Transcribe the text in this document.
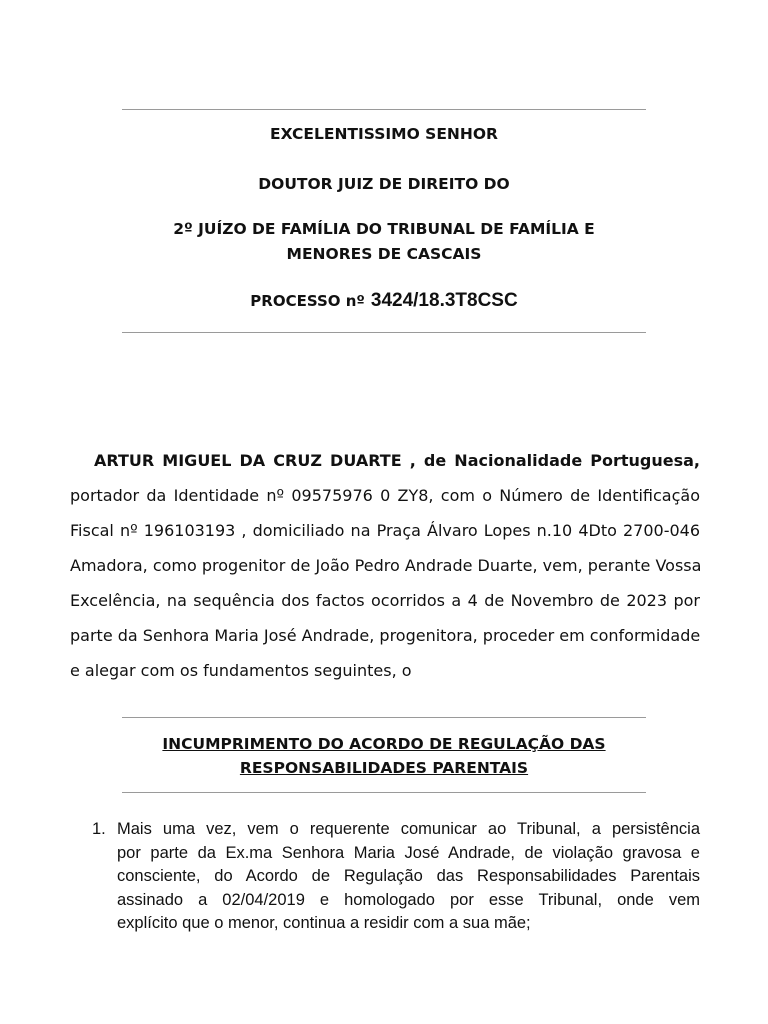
EXCELENTISSIMO SENHOR
DOUTOR JUIZ DE DIREITO DO
2º JUÍZO DE FAMÍLIA DO TRIBUNAL DE FAMÍLIA E
MENORES DE CASCAIS
PROCESSO nº 3424/18.3T8CSC
ARTUR MIGUEL DA CRUZ DUARTE , de Nacionalidade Portuguesa,
portador da Identidade nº 09575976 0 ZY8, com o Número de Identificação
Fiscal nº 196103193 , domiciliado na Praça Álvaro Lopes n.10 4Dto 2700-046
Amadora, como progenitor de João Pedro Andrade Duarte, vem, perante Vossa
Excelência, na sequência dos factos ocorridos a 4 de Novembro de 2023 por
parte da Senhora Maria José Andrade, progenitora, proceder em conformidade
e alegar com os fundamentos seguintes, o
INCUMPRIMENTO DO ACORDO DE REGULAÇÃO DAS
RESPONSABILIDADES PARENTAIS
1. Mais uma vez, vem o requerente comunicar ao Tribunal, a persistência
por parte da Ex.ma Senhora Maria José Andrade, de violação gravosa e
consciente, do Acordo de Regulação das Responsabilidades Parentais
assinado a 02/04/2019 e homologado por esse Tribunal, onde vem
explícito que o menor, continua a residir com a sua mãe;
